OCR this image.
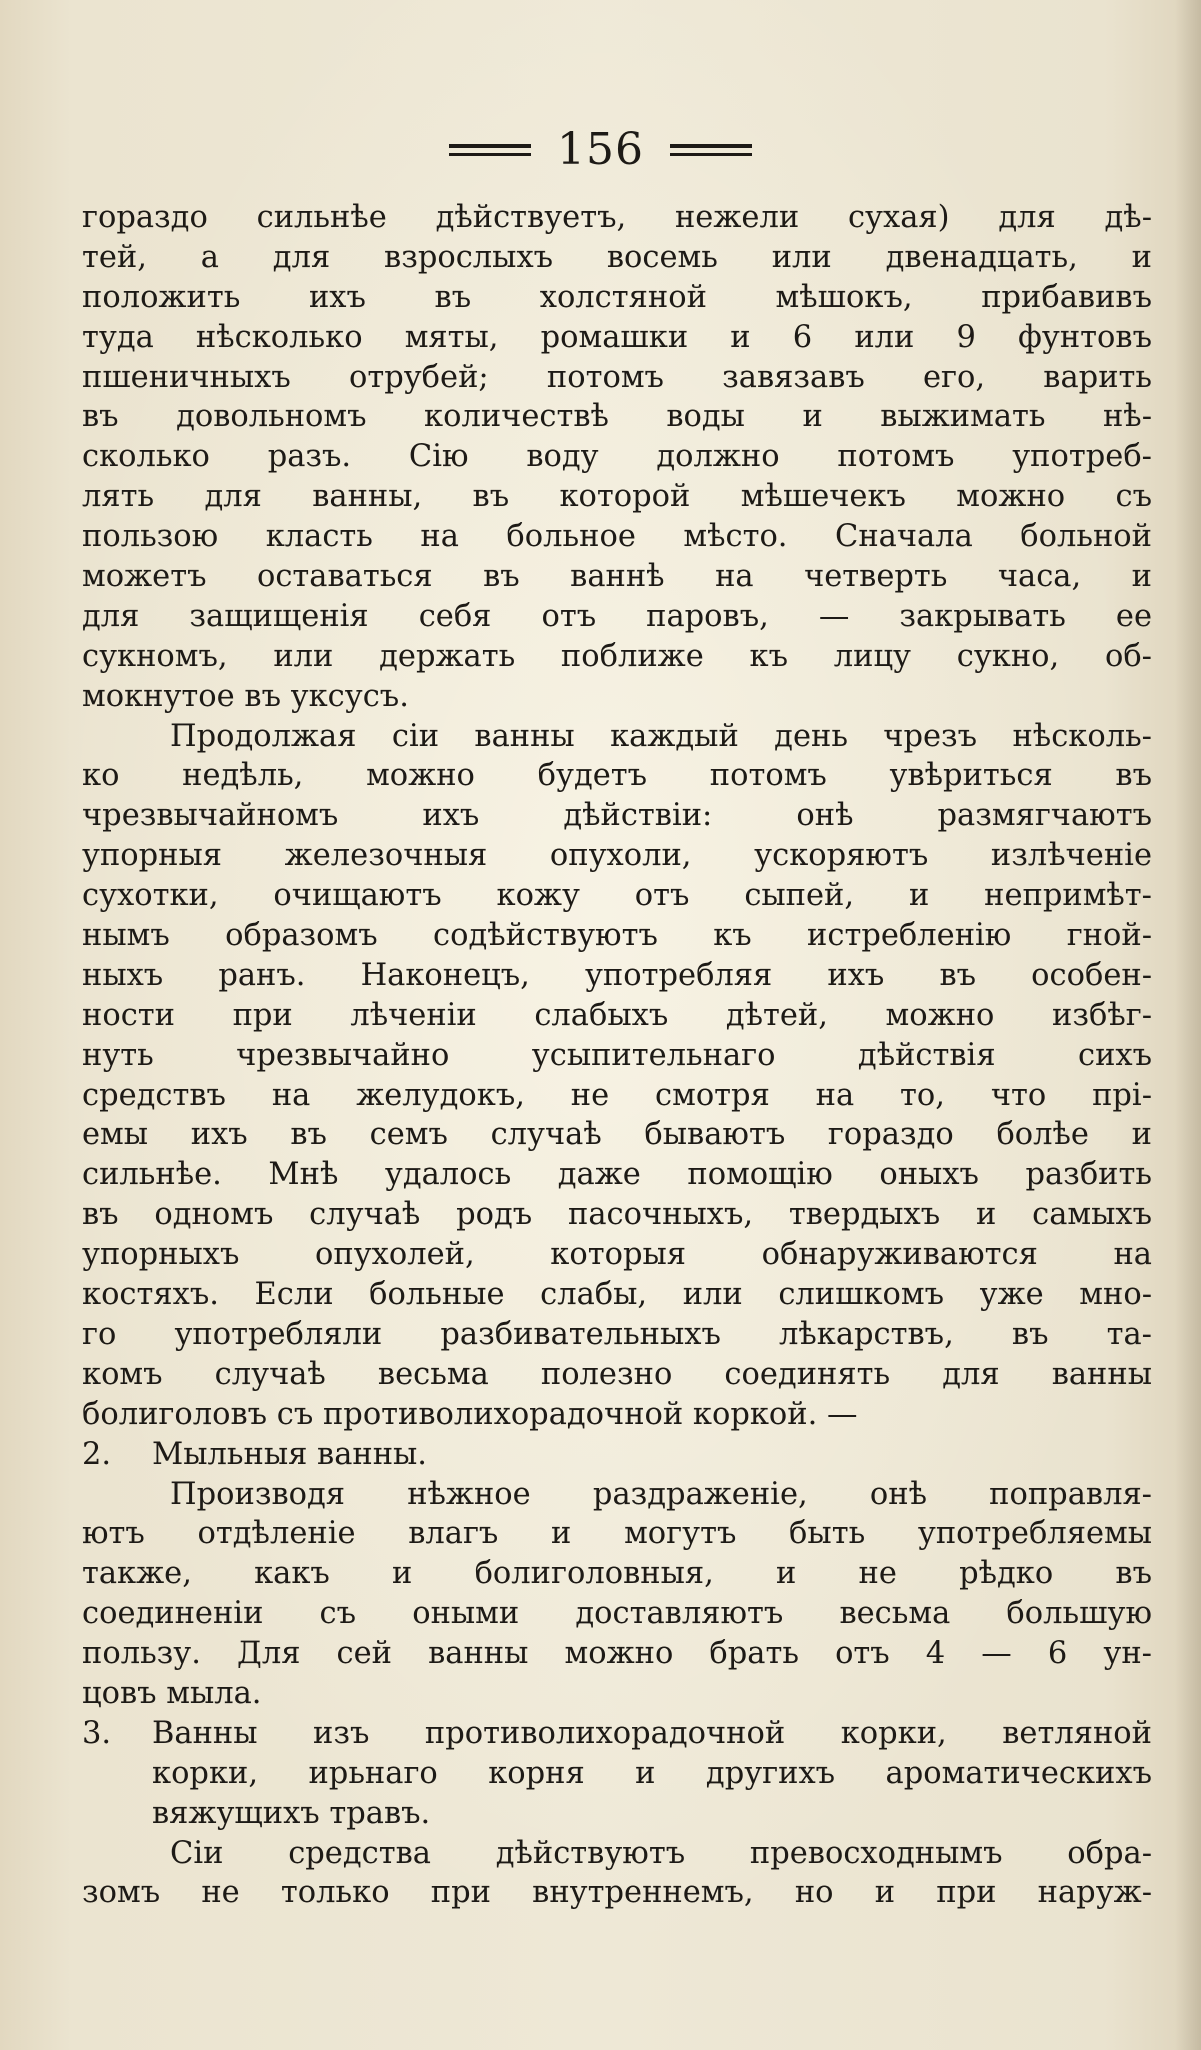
156
гораздо сильнѣе дѣйствуетъ, нежели сухая) для дѣ-
тей, а для взрослыхъ восемь или двенадцать, и
положить ихъ въ холстяной мѣшокъ, прибавивъ
туда нѣсколько мяты, ромашки и 6 или 9 фунтовъ
пшеничныхъ отрубей; потомъ завязавъ его, варить
въ довольномъ количествѣ воды и выжимать нѣ-
сколько разъ. Сію воду должно потомъ употреб-
лять для ванны, въ которой мѣшечекъ можно съ
пользою класть на больное мѣсто. Сначала больной
можетъ оставаться въ ваннѣ на четверть часа, и
для защищенія себя отъ паровъ, — закрывать ее
сукномъ, или держать поближе къ лицу сукно, об-
мокнутое въ уксусъ.
Продолжая сіи ванны каждый день чрезъ нѣсколь-
ко недѣль, можно будетъ потомъ увѣриться въ
чрезвычайномъ ихъ дѣйствіи: онѣ размягчаютъ
упорныя железочныя опухоли, ускоряютъ излѣченіе
сухотки, очищаютъ кожу отъ сыпей, и непримѣт-
нымъ образомъ содѣйствуютъ къ истребленію гной-
ныхъ ранъ. Наконецъ, употребляя ихъ въ особен-
ности при лѣченіи слабыхъ дѣтей, можно избѣг-
нуть чрезвычайно усыпительнаго дѣйствія сихъ
средствъ на желудокъ, не смотря на то, что прі-
емы ихъ въ семъ случаѣ бываютъ гораздо болѣе и
сильнѣе. Мнѣ удалось даже помощію оныхъ разбить
въ одномъ случаѣ родъ пасочныхъ, твердыхъ и самыхъ
упорныхъ опухолей, которыя обнаруживаются на
костяхъ. Если больные слабы, или слишкомъ уже мно-
го употребляли разбивательныхъ лѣкарствъ, въ та-
комъ случаѣ весьма полезно соединять для ванны
болиголовъ съ противолихорадочной коркой. —
2. Мыльныя ванны.
Производя нѣжное раздраженіе, онѣ поправля-
ютъ отдѣленіе влагъ и могутъ быть употребляемы
также, какъ и болиголовныя, и не рѣдко въ
соединеніи съ оными доставляютъ весьма большую
пользу. Для сей ванны можно брать отъ 4 — 6 ун-
цовъ мыла.
3.	Ванны изъ противолихорадочной корки, ветляной
корки, ирьнаго корня и другихъ ароматическихъ
вяжущихъ травъ.
Сіи средства дѣйствуютъ превосходнымъ обра-
зомъ не только при внутреннемъ, но и при наруж-
